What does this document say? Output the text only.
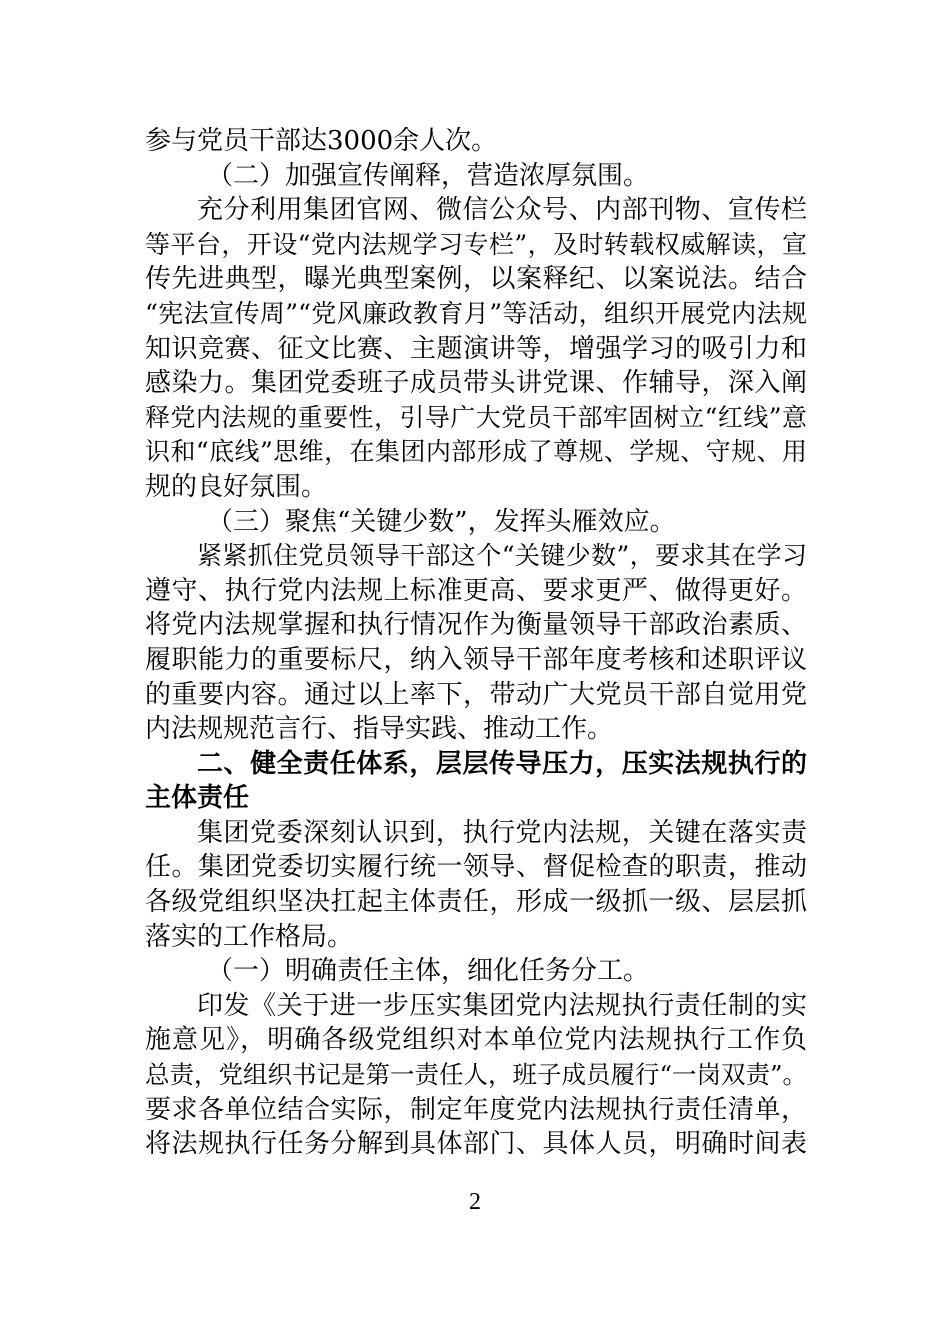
参与党员干部达3000余人次。
（二）加强宣传阐释，营造浓厚氛围。
充分利用集团官网、微信公众号、内部刊物、宣传栏
等平台，开设“党内法规学习专栏”，及时转载权威解读，宣
传先进典型，曝光典型案例，以案释纪、以案说法。结合
“宪法宣传周”“党风廉政教育月”等活动，组织开展党内法规
知识竞赛、征文比赛、主题演讲等，增强学习的吸引力和
感染力。集团党委班子成员带头讲党课、作辅导，深入阐
释党内法规的重要性，引导广大党员干部牢固树立“红线”意
识和“底线”思维，在集团内部形成了尊规、学规、守规、用
规的良好氛围。
（三）聚焦“关键少数”，发挥头雁效应。
紧紧抓住党员领导干部这个“关键少数”，要求其在学习
遵守、执行党内法规上标准更高、要求更严、做得更好。
将党内法规掌握和执行情况作为衡量领导干部政治素质、
履职能力的重要标尺，纳入领导干部年度考核和述职评议
的重要内容。通过以上率下，带动广大党员干部自觉用党
内法规规范言行、指导实践、推动工作。
二、健全责任体系，层层传导压力，压实法规执行的
主体责任
集团党委深刻认识到，执行党内法规，关键在落实责
任。集团党委切实履行统一领导、督促检查的职责，推动
各级党组织坚决扛起主体责任，形成一级抓一级、层层抓
落实的工作格局。
（一）明确责任主体，细化任务分工。
印发《关于进一步压实集团党内法规执行责任制的实
施意见》，明确各级党组织对本单位党内法规执行工作负
总责，党组织书记是第一责任人，班子成员履行“一岗双责”。
要求各单位结合实际，制定年度党内法规执行责任清单，
将法规执行任务分解到具体部门、具体人员，明确时间表
2
